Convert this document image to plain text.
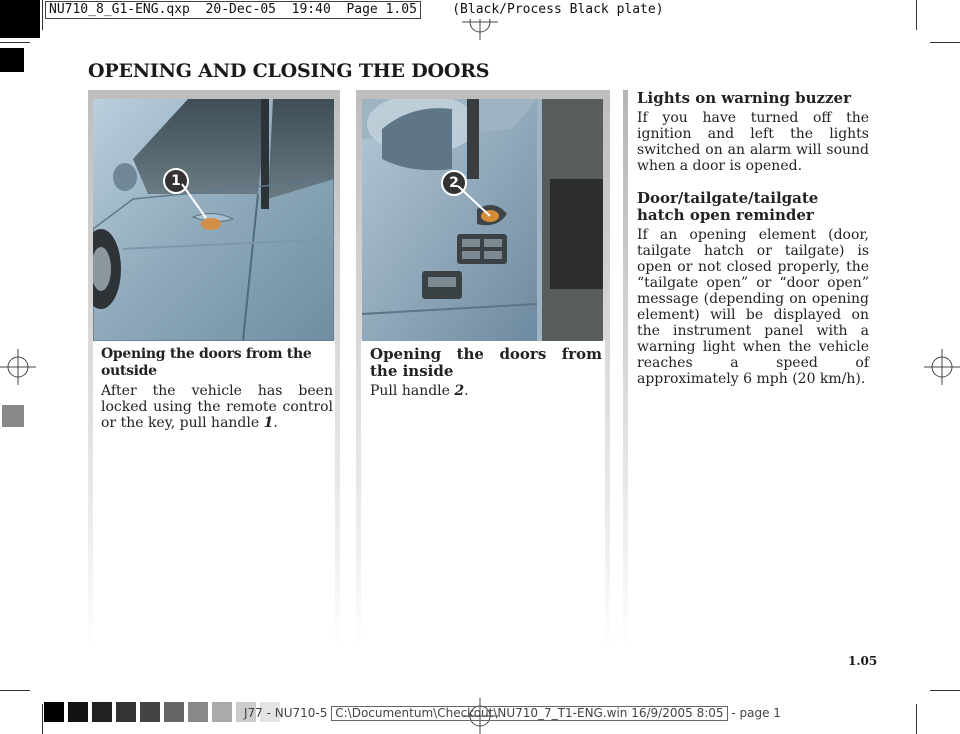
NU710_8_G1-ENG.qxp 20-Dec-05 19:40 Page 1.05	(Black/Process Black plate)
OPENING AND CLOSING THE DOORS
1	2
Opening the doors from the outside

After the vehicle has been locked using the remote control or the key, pull handle 1.

Opening the doors from the inside

Pull handle 2.

Lights on warning buzzer

If you have turned off the ignition and left the lights switched on an alarm will sound when a door is opened.

Door/tailgate/tailgate hatch open reminder

If an opening element (door, tailgate hatch or tailgate) is open or not closed properly, the “tailgate open” or “door open” message (depending on opening element) will be displayed on the instrument panel with a warning light when the vehicle reaches a speed of approximately 6 mph (20 km/h).

1.05
J77 - NU710-5 C:\Documentum\Checkout\NU710_7_T1-ENG.win 16/9/2005 8:05 - page 1
